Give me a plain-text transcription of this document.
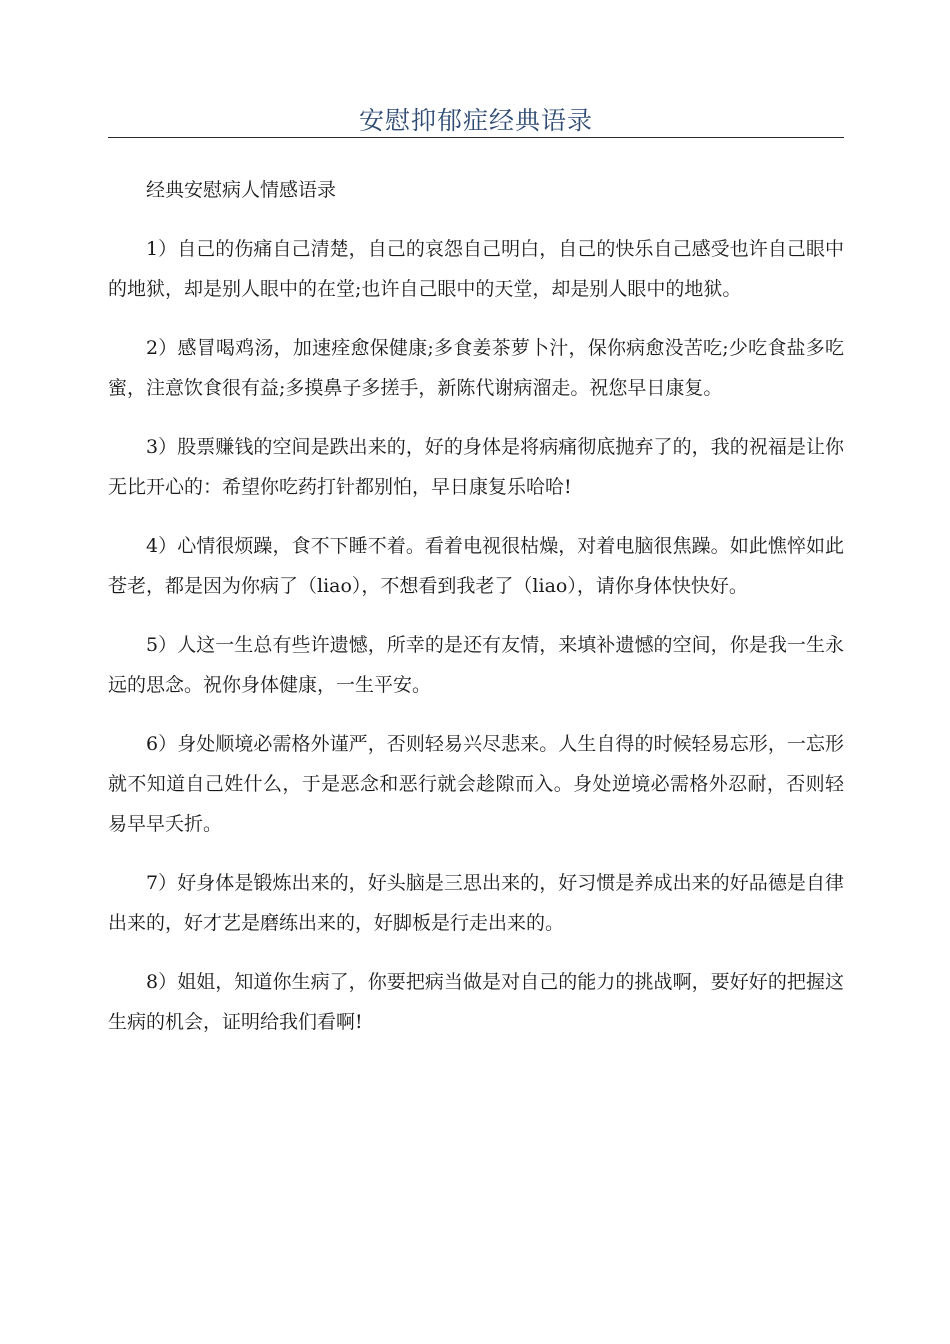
安慰抑郁症经典语录

经典安慰病人情感语录

1）自己的伤痛自己清楚，自己的哀怨自己明白，自己的快乐自己感受也许自己眼中的地狱，却是别人眼中的在堂;也许自己眼中的天堂，却是别人眼中的地狱。

2）感冒喝鸡汤，加速痊愈保健康;多食姜茶萝卜汁，保你病愈没苦吃;少吃食盐多吃蜜，注意饮食很有益;多摸鼻子多搓手，新陈代谢病溜走。祝您早日康复。

3）股票赚钱的空间是跌出来的，好的身体是将病痛彻底抛弃了的，我的祝福是让你无比开心的：希望你吃药打针都别怕，早日康复乐哈哈!

4）心情很烦躁，食不下睡不着。看着电视很枯燥，对着电脑很焦躁。如此憔悴如此苍老，都是因为你病了（liao），不想看到我老了（liao），请你身体快快好。

5）人这一生总有些许遗憾，所幸的是还有友情，来填补遗憾的空间，你是我一生永远的思念。祝你身体健康，一生平安。

6）身处顺境必需格外谨严，否则轻易兴尽悲来。人生自得的时候轻易忘形，一忘形就不知道自己姓什么，于是恶念和恶行就会趁隙而入。身处逆境必需格外忍耐，否则轻易早早夭折。

7）好身体是锻炼出来的，好头脑是三思出来的，好习惯是养成出来的好品德是自律出来的，好才艺是磨练出来的，好脚板是行走出来的。

8）姐姐，知道你生病了，你要把病当做是对自己的能力的挑战啊，要好好的把握这生病的机会，证明给我们看啊!
